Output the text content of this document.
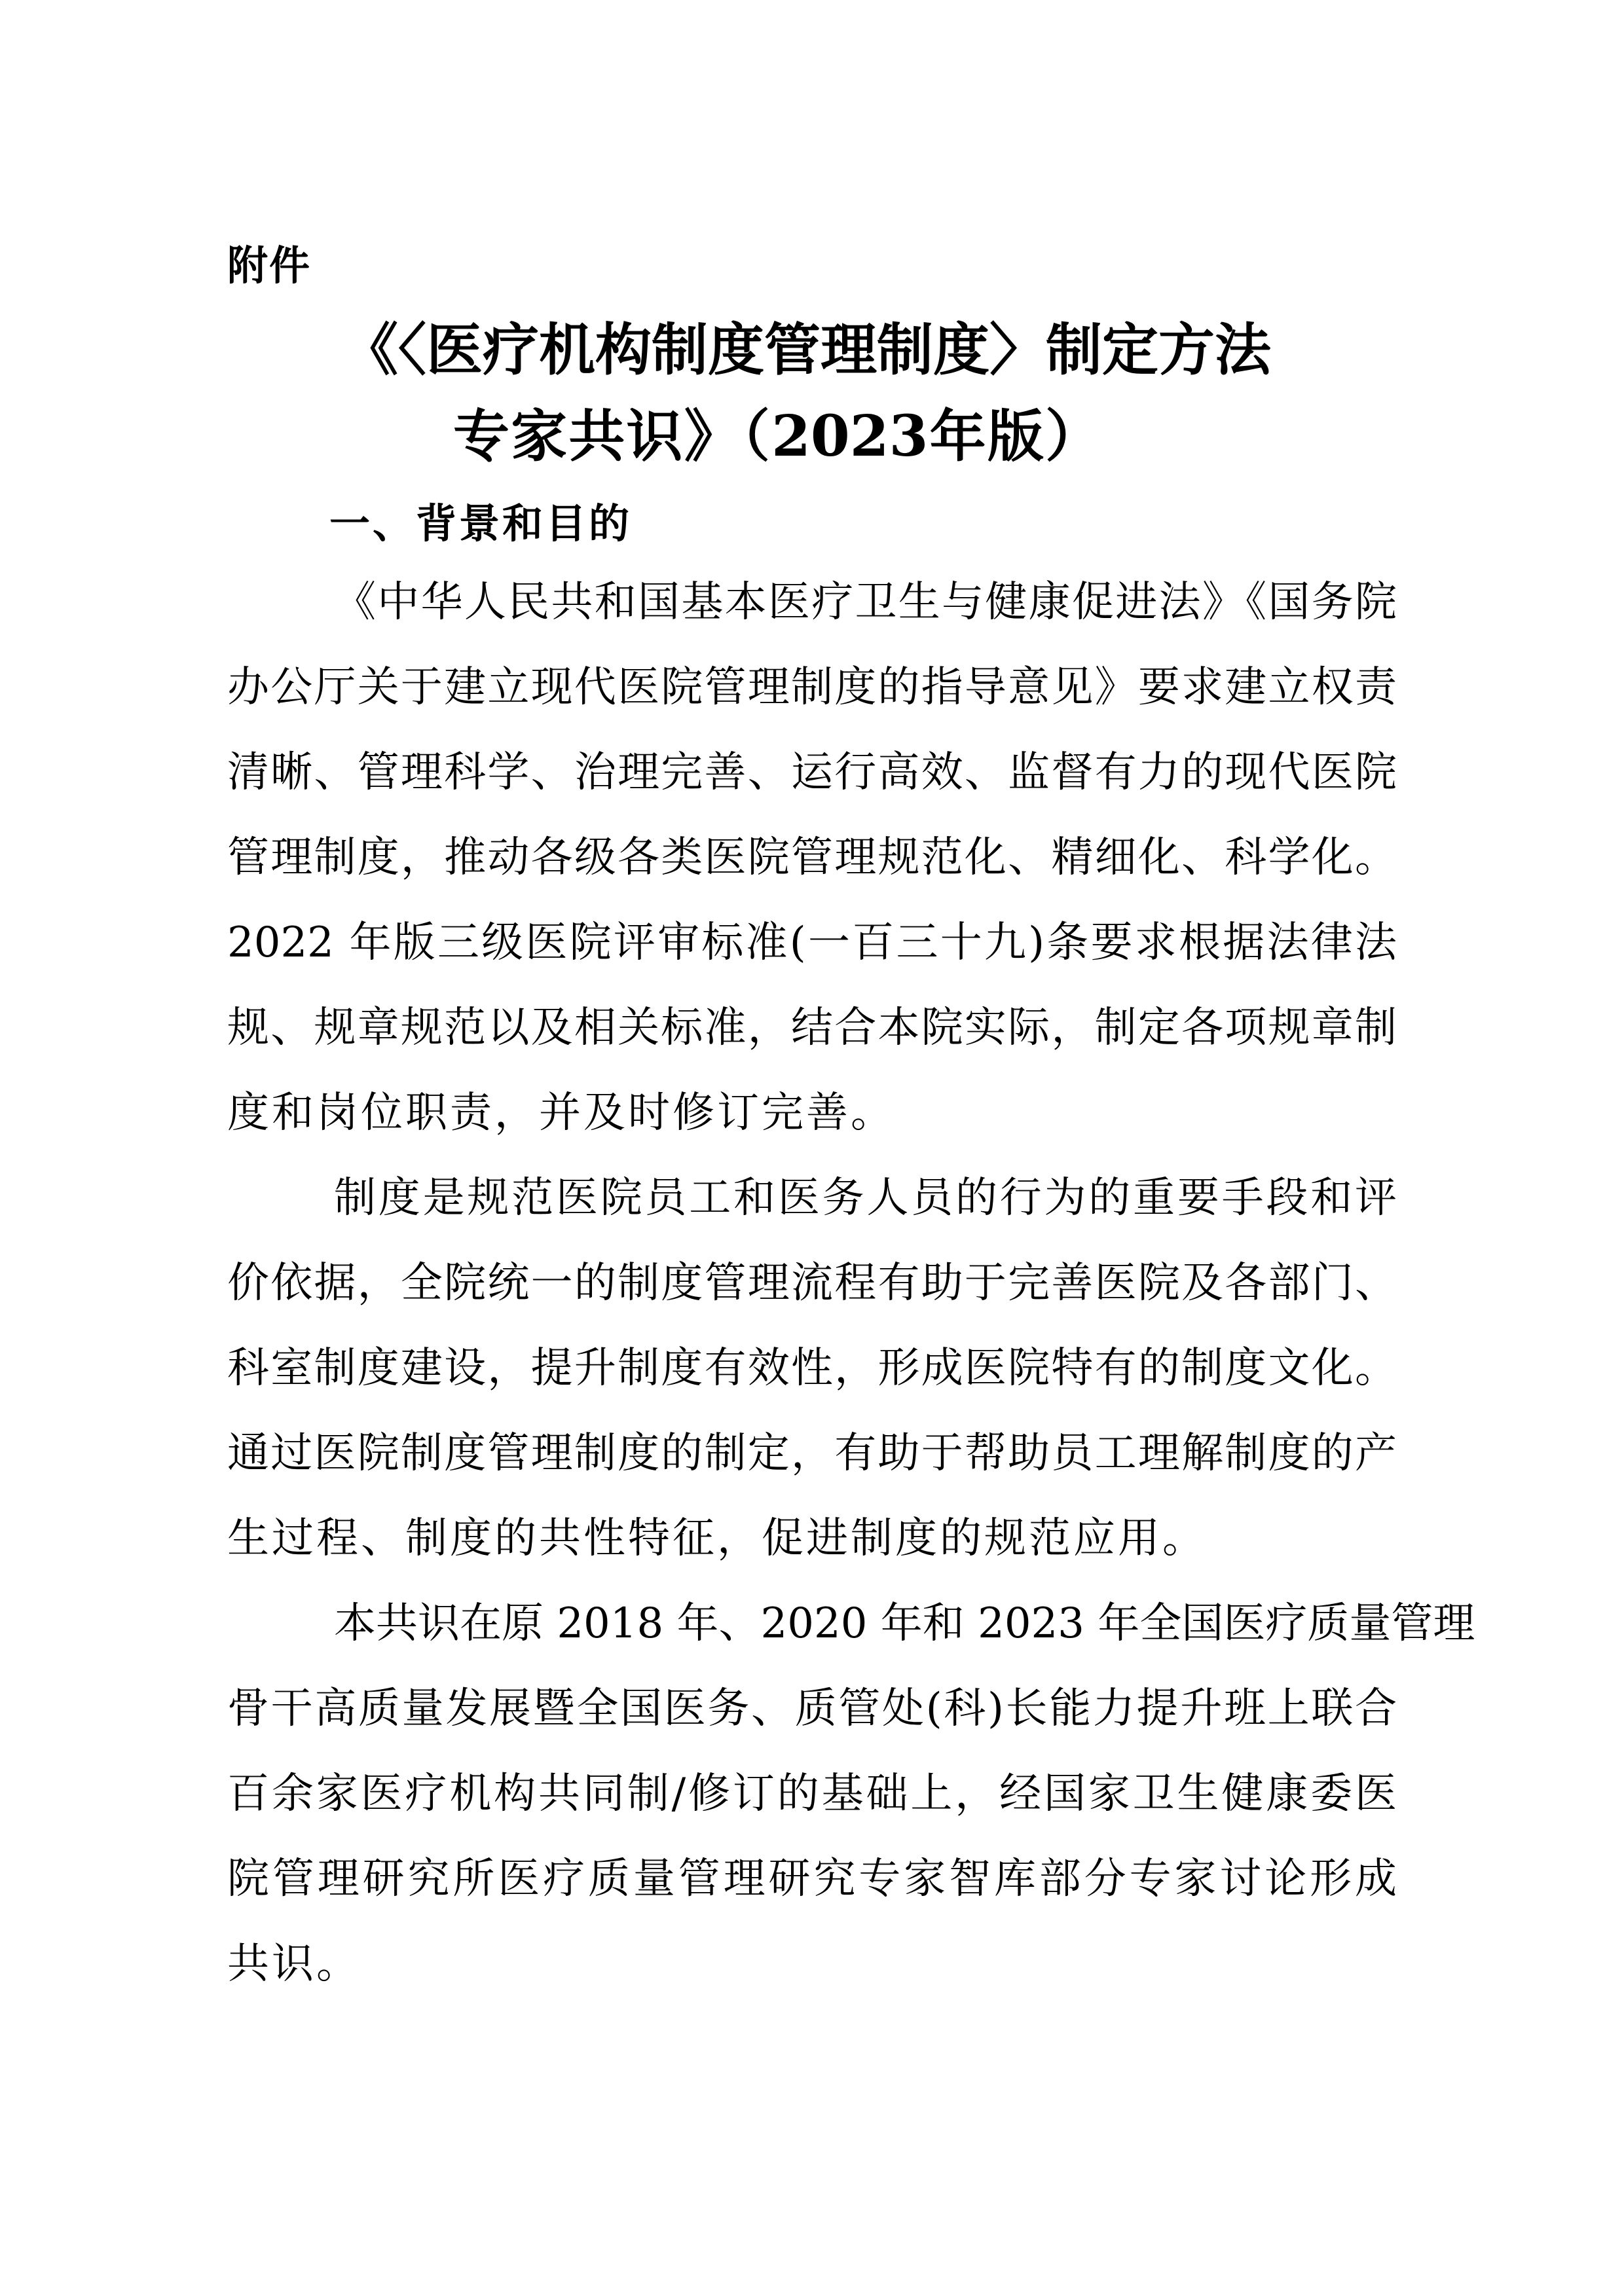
附件
《〈医疗机构制度管理制度〉制定方法
专家共识》（2023年版）
一、背景和目的
《中华人民共和国基本医疗卫生与健康促进法》《国务院
办公厅关于建立现代医院管理制度的指导意见》要求建立权责
清晰、管理科学、治理完善、运行高效、监督有力的现代医院
管理制度，推动各级各类医院管理规范化、精细化、科学化。
2022 年版三级医院评审标准(一百三十九)条要求根据法律法
规、规章规范以及相关标准，结合本院实际，制定各项规章制
度和岗位职责，并及时修订完善。
制度是规范医院员工和医务人员的行为的重要手段和评
价依据，全院统一的制度管理流程有助于完善医院及各部门、
科室制度建设，提升制度有效性，形成医院特有的制度文化。
通过医院制度管理制度的制定，有助于帮助员工理解制度的产
生过程、制度的共性特征，促进制度的规范应用。
本共识在原 2018 年、2020 年和 2023 年全国医疗质量管理
骨干高质量发展暨全国医务、质管处(科)长能力提升班上联合
百余家医疗机构共同制/修订的基础上，经国家卫生健康委医
院管理研究所医疗质量管理研究专家智库部分专家讨论形成
共识。
